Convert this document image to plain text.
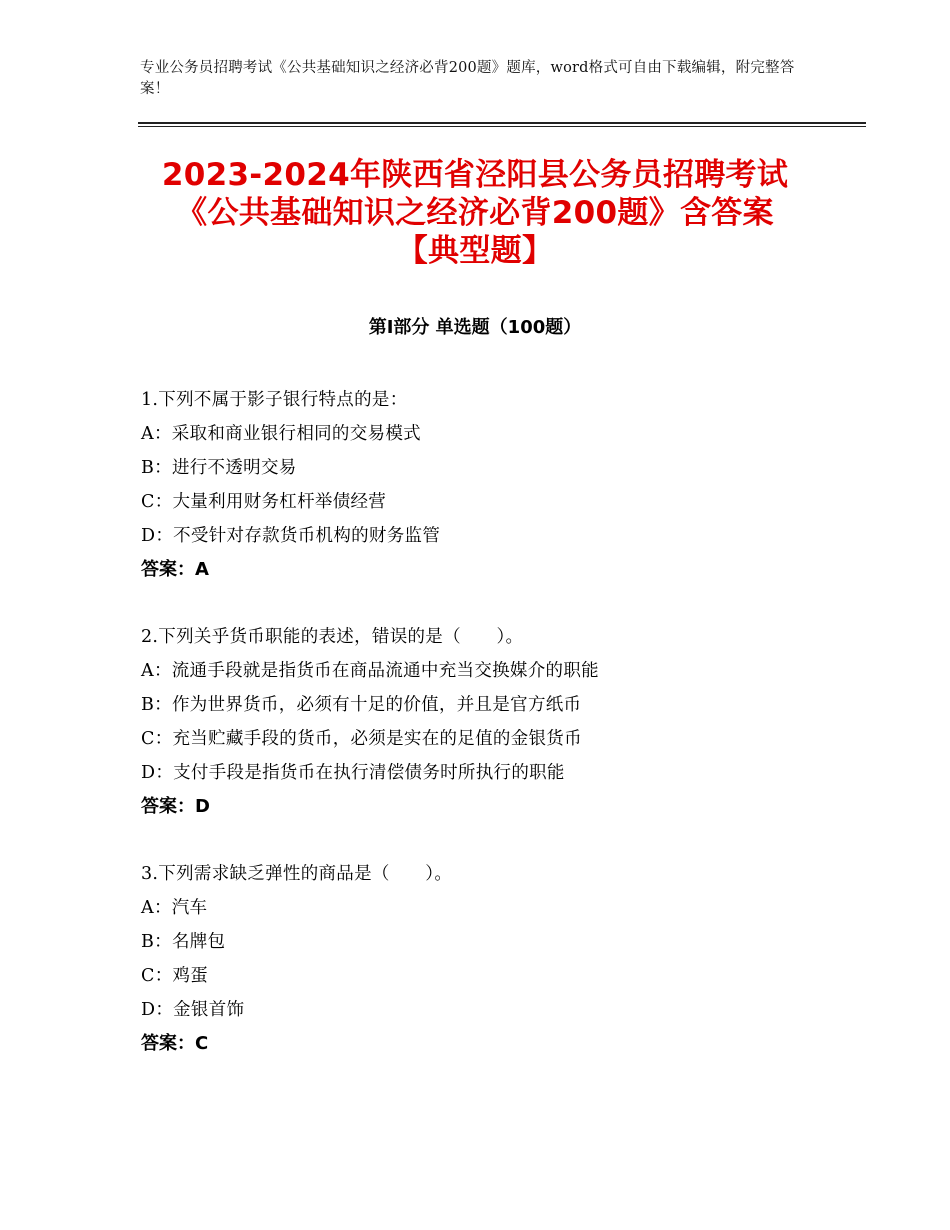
专业公务员招聘考试《公共基础知识之经济必背200题》题库，word格式可自由下载编辑，附完整答案！
2023-2024年陕西省泾阳县公务员招聘考试
《公共基础知识之经济必背200题》含答案
【典型题】
第Ⅰ部分 单选题（100题）
1.下列不属于影子银行特点的是：
A：采取和商业银行相同的交易模式
B：进行不透明交易
C：大量利用财务杠杆举债经营
D：不受针对存款货币机构的财务监管
答案：A
2.下列关乎货币职能的表述，错误的是（　　）。
A：流通手段就是指货币在商品流通中充当交换媒介的职能
B：作为世界货币，必须有十足的价值，并且是官方纸币
C：充当贮藏手段的货币，必须是实在的足值的金银货币
D：支付手段是指货币在执行清偿债务时所执行的职能
答案：D
3.下列需求缺乏弹性的商品是（　　）。
A：汽车
B：名牌包
C：鸡蛋
D：金银首饰
答案：C
